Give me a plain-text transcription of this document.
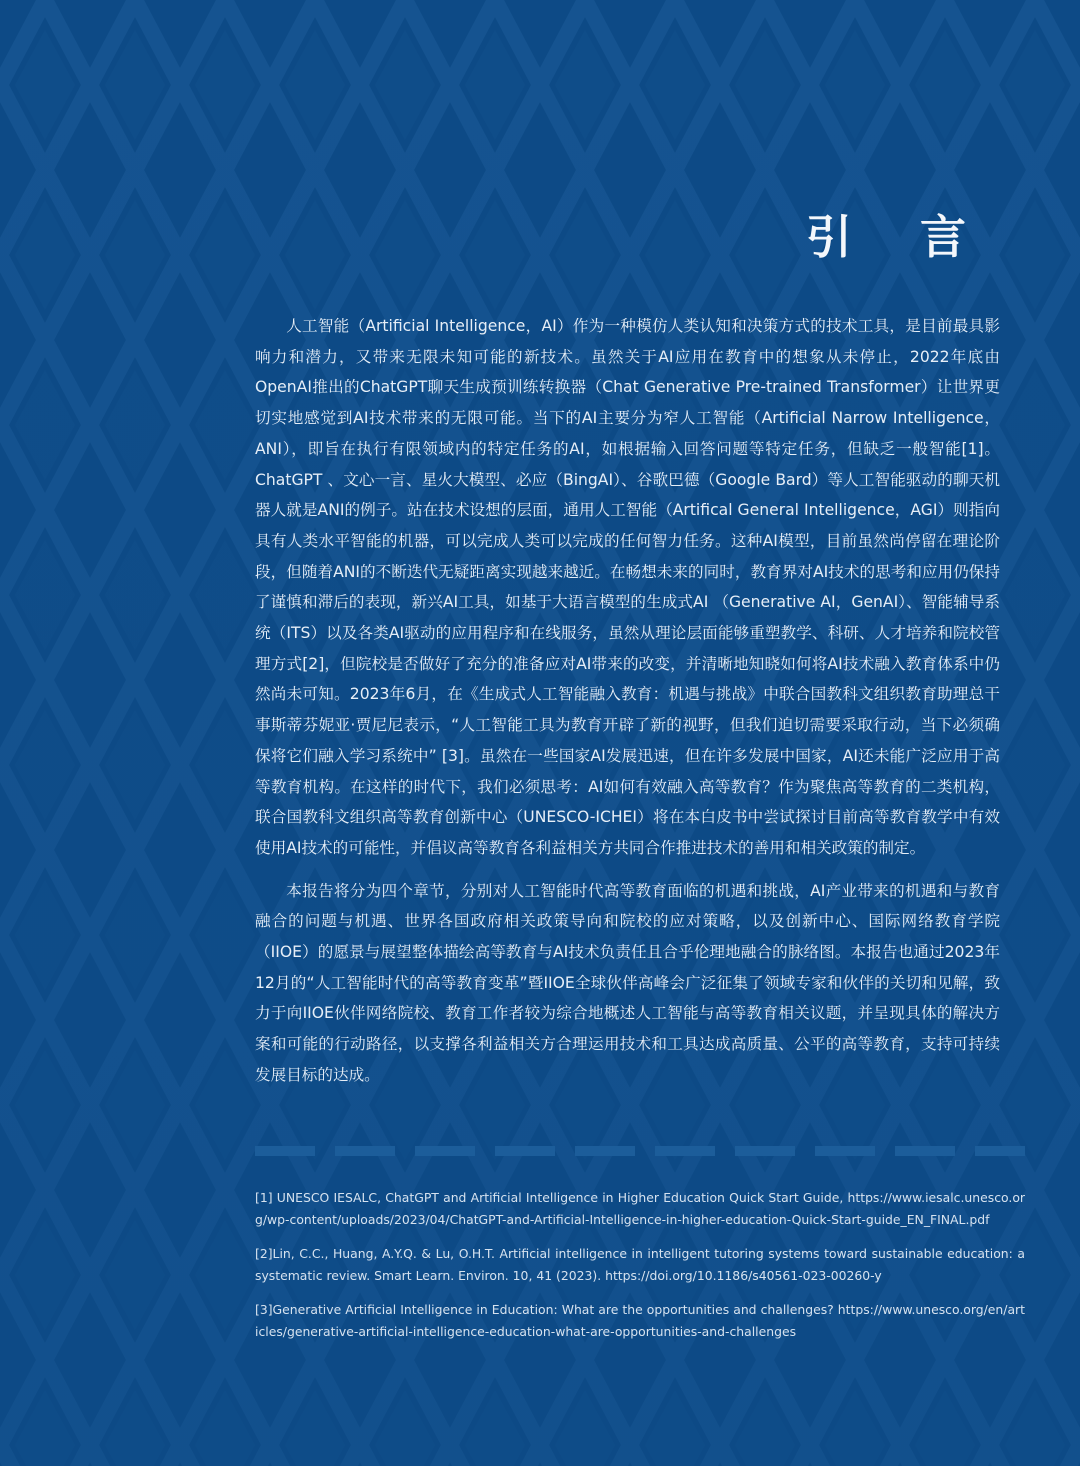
引 言

人工智能（Artificial Intelligence，AI）作为一种模仿人类认知和决策方式的技术工具，是目前最具影响力和潜力，又带来无限未知可能的新技术。虽然关于AI应用在教育中的想象从未停止，2022年底由OpenAI推出的ChatGPT聊天生成预训练转换器（Chat Generative Pre-trained Transformer）让世界更切实地感觉到AI技术带来的无限可能。当下的AI主要分为窄人工智能（Artificial Narrow Intelligence，ANI），即旨在执行有限领域内的特定任务的AI，如根据输入回答问题等特定任务，但缺乏一般智能[1]。ChatGPT 、文心一言、星火大模型、必应（BingAI）、谷歌巴德（Google Bard）等人工智能驱动的聊天机器人就是ANI的例子。站在技术设想的层面，通用人工智能（Artifical General Intelligence，AGI）则指向具有人类水平智能的机器，可以完成人类可以完成的任何智力任务。这种AI模型，目前虽然尚停留在理论阶段，但随着ANI的不断迭代无疑距离实现越来越近。在畅想未来的同时，教育界对AI技术的思考和应用仍保持了谨慎和滞后的表现，新兴AI工具，如基于大语言模型的生成式AI （Generative AI，GenAI）、智能辅导系统（ITS）以及各类AI驱动的应用程序和在线服务，虽然从理论层面能够重塑教学、科研、人才培养和院校管理方式[2]，但院校是否做好了充分的准备应对AI带来的改变，并清晰地知晓如何将AI技术融入教育体系中仍然尚未可知。2023年6月，在《生成式人工智能融入教育：机遇与挑战》中联合国教科文组织教育助理总干事斯蒂芬妮亚·贾尼尼表示，“人工智能工具为教育开辟了新的视野，但我们迫切需要采取行动，当下必须确保将它们融入学习系统中” [3]。虽然在一些国家AI发展迅速，但在许多发展中国家，AI还未能广泛应用于高等教育机构。在这样的时代下，我们必须思考：AI如何有效融入高等教育？作为聚焦高等教育的二类机构，联合国教科文组织高等教育创新中心（UNESCO-ICHEI）将在本白皮书中尝试探讨目前高等教育教学中有效使用AI技术的可能性，并倡议高等教育各利益相关方共同合作推进技术的善用和相关政策的制定。

本报告将分为四个章节，分别对人工智能时代高等教育面临的机遇和挑战，AI产业带来的机遇和与教育融合的问题与机遇、世界各国政府相关政策导向和院校的应对策略，以及创新中心、国际网络教育学院（IIOE）的愿景与展望整体描绘高等教育与AI技术负责任且合乎伦理地融合的脉络图。本报告也通过2023年12月的“人工智能时代的高等教育变革”暨IIOE全球伙伴高峰会广泛征集了领域专家和伙伴的关切和见解，致力于向IIOE伙伴网络院校、教育工作者较为综合地概述人工智能与高等教育相关议题，并呈现具体的解决方案和可能的行动路径，以支撑各利益相关方合理运用技术和工具达成高质量、公平的高等教育，支持可持续发展目标的达成。

[1] UNESCO IESALC, ChatGPT and Artificial Intelligence in Higher Education Quick Start Guide, https://www.iesalc.unesco.org/wp-content/uploads/2023/04/ChatGPT-and-Artificial-Intelligence-in-higher-education-Quick-Start-guide_EN_FINAL.pdf

[2]Lin, C.C., Huang, A.Y.Q. & Lu, O.H.T. Artificial intelligence in intelligent tutoring systems toward sustainable education: a systematic review. Smart Learn. Environ. 10, 41 (2023). https://doi.org/10.1186/s40561-023-00260-y

[3]Generative Artificial Intelligence in Education: What are the opportunities and challenges? https://www.unesco.org/en/articles/generative-artificial-intelligence-education-what-are-opportunities-and-challenges
